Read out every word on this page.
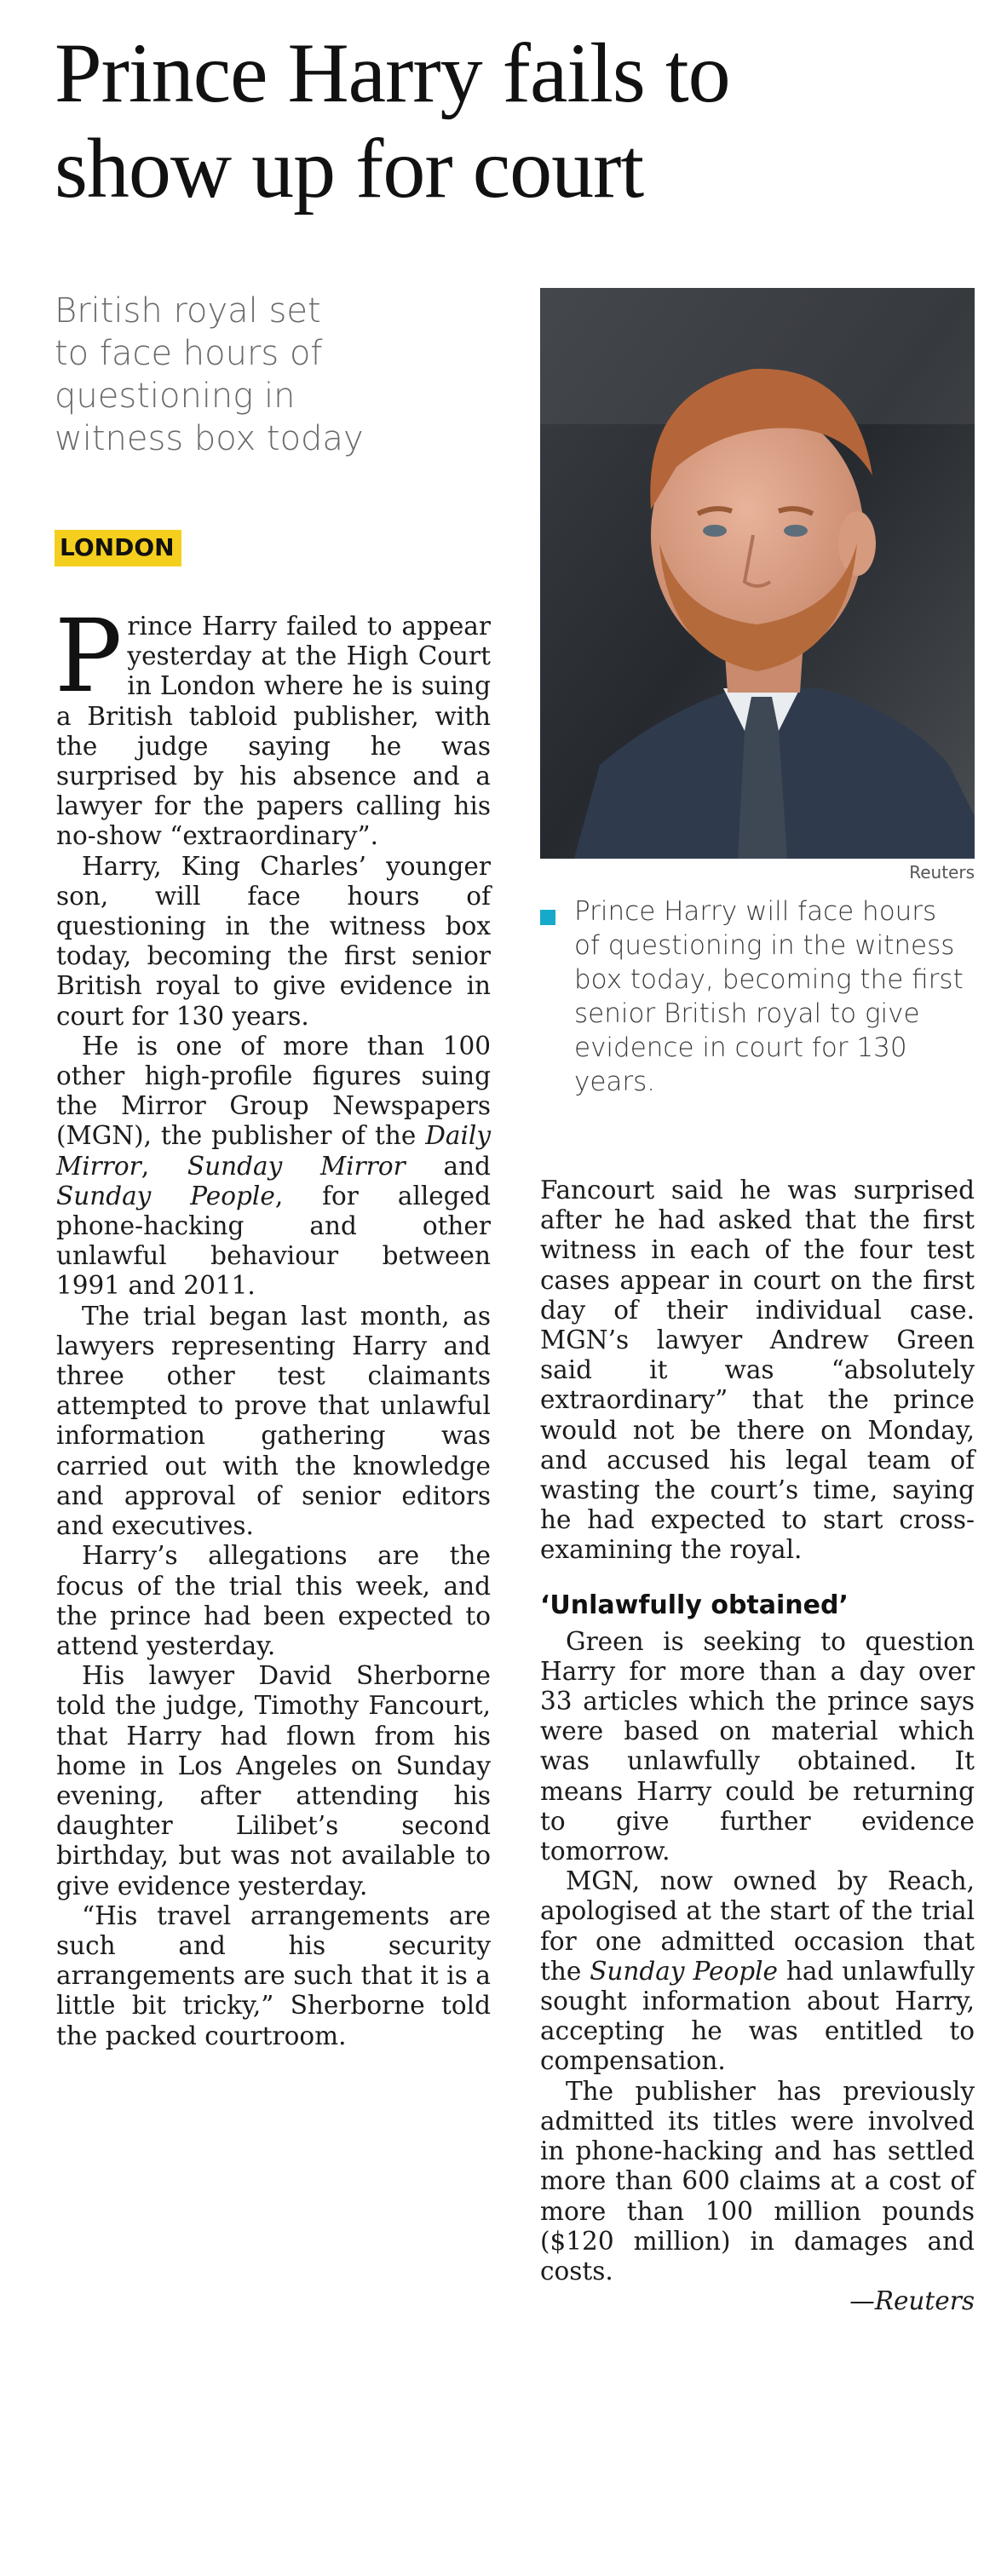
Prince Harry fails to
show up for court
British royal set
to face hours of
questioning in
witness box today
LONDON
Reuters
Prince Harry will face hours of questioning in the witness box today, becoming the first senior British royal to give evidence in court for 130 years.

Prince Harry failed to appear yesterday at the High Court in London where he is suing a British tabloid publisher, with the judge saying he was surprised by his absence and a lawyer for the papers calling his no-show “extraordinary”.

Harry, King Charles’ younger son, will face hours of questioning in the witness box today, becoming the first senior British royal to give evidence in court for 130 years.

He is one of more than 100 other high-profile figures suing the Mirror Group Newspapers (MGN), the publisher of the Daily Mirror, Sunday Mirror and Sunday People, for alleged phone-hacking and other unlawful behaviour between 1991 and 2011.

The trial began last month, as lawyers representing Harry and three other test claimants attempted to prove that unlawful information gathering was carried out with the knowledge and approval of senior editors and executives.

Harry’s allegations are the focus of the trial this week, and the prince had been expected to attend yesterday.

His lawyer David Sherborne told the judge, Timothy Fancourt, that Harry had flown from his home in Los Angeles on Sunday evening, after attending his daughter Lilibet’s second birthday, but was not available to give evidence yesterday.

“His travel arrangements are such and his security arrangements are such that it is a little bit tricky,” Sherborne told the packed courtroom.

Fancourt said he was surprised after he had asked that the first witness in each of the four test cases appear in court on the first day of their individual case. MGN’s lawyer Andrew Green said it was “absolutely extraordinary” that the prince would not be there on Monday, and accused his legal team of wasting the court’s time, saying he had expected to start cross-examining the royal.

‘Unlawfully obtained’

Green is seeking to question Harry for more than a day over 33 articles which the prince says were based on material which was unlawfully obtained. It means Harry could be returning to give further evidence tomorrow.

MGN, now owned by Reach, apologised at the start of the trial for one admitted occasion that the Sunday People had unlawfully sought information about Harry, accepting he was entitled to compensation.

The publisher has previously admitted its titles were involved in phone-hacking and has settled more than 600 claims at a cost of more than 100 million pounds ($120 million) in damages and costs.

—Reuters
